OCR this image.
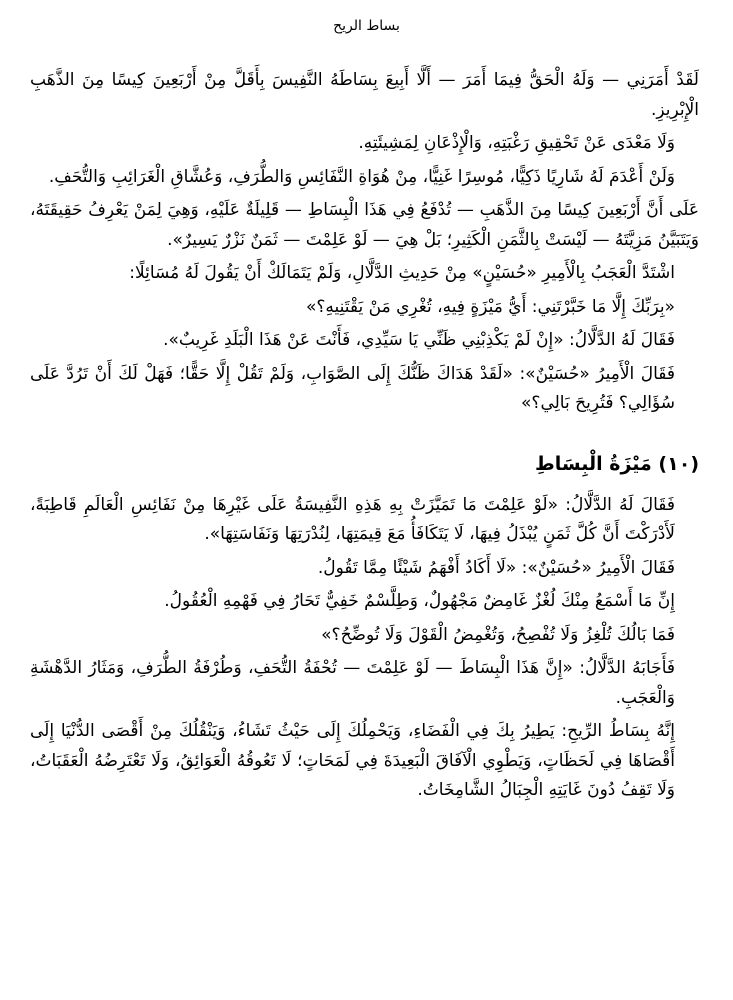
بساط الريح

لَقَدْ أَمَرَنِي — وَلَهُ الْحَقُّ فِيمَا أَمَرَ — أَلَّا أَبِيعَ بِسَاطَهُ النَّفِيسَ بِأَقَلَّ مِنْ أَرْبَعِينَ كِيسًا مِنَ الذَّهَبِ الْإِبْرِيزِ.

وَلَا مَعْدَى عَنْ تَحْقِيقِ رَغْبَتِهِ، وَالْإِذْعَانِ لِمَشِيئَتِهِ.

وَلَنْ أَعْدَمَ لَهُ شَارِيًا ذَكِيًّا، مُوسِرًا غَنِيًّا، مِنْ هُوَاةِ النَّفَائِسِ وَالطُّرَفِ، وَعُشَّاقِ الْغَرَائِبِ وَالتُّحَفِ.

عَلَى أَنَّ أَرْبَعِينَ كِيسًا مِنَ الذَّهَبِ — تُدْفَعُ فِي هَذَا الْبِسَاطِ — قَلِيلَةٌ عَلَيْهِ، وَهِيَ لِمَنْ يَعْرِفُ حَقِيقَتَهُ، وَيَتَبَيَّنُ مَزِيَّتَهُ — لَيْسَتْ بِالثَّمَنِ الْكَثِيرِ؛ بَلْ هِيَ — لَوْ عَلِمْتَ — ثَمَنٌ نَزْرٌ يَسِيرٌ».

اشْتَدَّ الْعَجَبُ بِالْأَمِيرِ «حُسَيْنٍ» مِنْ حَدِيثِ الدَّلَّالِ، وَلَمْ يَتَمَالَكْ أَنْ يَقُولَ لَهُ مُسَائِلًا:

«بِرَبِّكَ إِلَّا مَا خَبَّرْتَنِي: أَيُّ مَيْزَةٍ فِيهِ، تُغْرِي مَنْ يَقْتَنِيهِ؟»

فَقَالَ لَهُ الدَّلَّالُ: «إِنْ لَمْ يَكْذِبْنِي ظَنِّي يَا سَيِّدِي، فَأَنْتَ عَنْ هَذَا الْبَلَدِ غَرِيبٌ».

فَقَالَ الْأَمِيرُ «حُسَيْنٌ»: «لَقَدْ هَدَاكَ ظَنُّكَ إِلَى الصَّوَابِ، وَلَمْ تَقُلْ إِلَّا حَقًّا؛ فَهَلْ لَكَ أَنْ تَرُدَّ عَلَى سُؤَالِي؟ فَتُرِيحَ بَالِي؟»

(١٠) مَيْزَةُ الْبِسَاطِ

فَقَالَ لَهُ الدَّلَّالُ: «لَوْ عَلِمْتَ مَا تَمَيَّزَتْ بِهِ هَذِهِ النَّفِيسَةُ عَلَى غَيْرِهَا مِنْ نَفَائِسِ الْعَالَمِ قَاطِبَةً، لَأَدْرَكْتَ أَنَّ كُلَّ ثَمَنٍ يُبْذَلُ فِيهَا، لَا يَتَكَافَأُ مَعَ قِيمَتِهَا، لِنُدْرَتِهَا وَنَفَاسَتِهَا».

فَقَالَ الْأَمِيرُ «حُسَيْنٌ»: «لَا أَكَادُ أَفْهَمُ شَيْئًا مِمَّا تَقُولُ.

إِنِّ مَا أَسْمَعُ مِنْكَ لُغْزٌ غَامِضٌ مَجْهُولٌ، وَطِلَّسْمٌ خَفِيٌّ تَحَارُ فِي فَهْمِهِ الْعُقُولُ.

فَمَا بَالُكَ تُلْغِزُ وَلَا تُفْصِحُ، وَتُغْمِضُ الْقَوْلَ وَلَا تُوضِّحُ؟»

فَأَجَابَهُ الدَّلَّالُ: «إِنَّ هَذَا الْبِسَاطَ — لَوْ عَلِمْتَ — تُحْفَةُ التُّحَفِ، وَطُرْفَةُ الطُّرَفِ، وَمَثَارُ الدَّهْشَةِ وَالْعَجَبِ.

إِنَّهُ بِسَاطُ الرِّيحِ: يَطِيرُ بِكَ فِي الْفَضَاءِ، وَيَحْمِلُكَ إِلَى حَيْثُ تَشَاءُ، وَيَنْقُلُكَ مِنْ أَقْصَى الدُّنْيَا إِلَى أَقْصَاهَا فِي لَحَظَاتٍ، وَيَطْوِي الْآفَاقَ الْبَعِيدَةَ فِي لَمَحَاتٍ؛ لَا تَعُوقُهُ الْعَوَائِقُ، وَلَا تَعْتَرِضُهُ الْعَقَبَاتُ، وَلَا تَقِفُ دُونَ غَايَتِهِ الْجِبَالُ الشَّامِخَاتُ.
